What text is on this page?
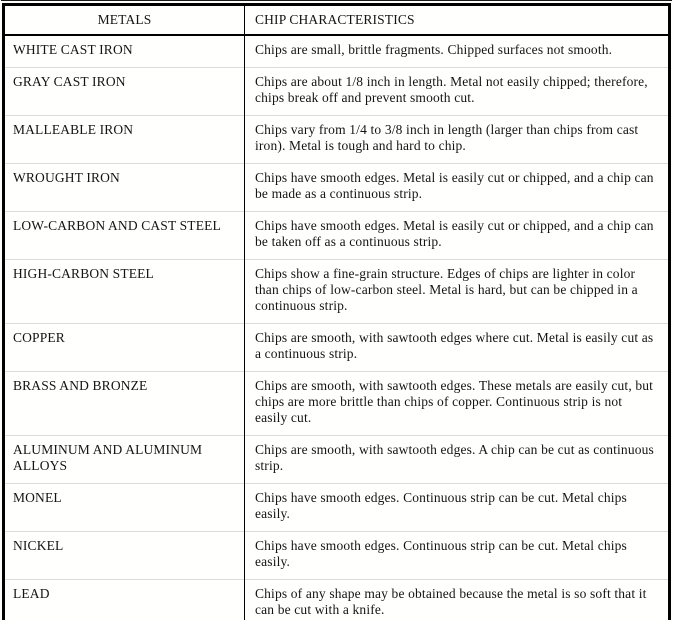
METALS	CHIP CHARACTERISTICS
WHITE CAST IRON	Chips are small, brittle fragments. Chipped surfaces not smooth.
GRAY CAST IRON	Chips are about 1/8 inch in length. Metal not easily chipped; therefore, chips break off and prevent smooth cut.
MALLEABLE IRON	Chips vary from 1/4 to 3/8 inch in length (larger than chips from cast iron). Metal is tough and hard to chip.
WROUGHT IRON	Chips have smooth edges. Metal is easily cut or chipped, and a chip can be made as a continuous strip.
LOW-CARBON AND CAST STEEL	Chips have smooth edges. Metal is easily cut or chipped, and a chip can be taken off as a continuous strip.
HIGH-CARBON STEEL	Chips show a fine-grain structure. Edges of chips are lighter in color than chips of low-carbon steel. Metal is hard, but can be chipped in a continuous strip.
COPPER	Chips are smooth, with sawtooth edges where cut. Metal is easily cut as a continuous strip.
BRASS AND BRONZE	Chips are smooth, with sawtooth edges. These metals are easily cut, but chips are more brittle than chips of copper. Continuous strip is not easily cut.
ALUMINUM AND ALUMINUM ALLOYS	Chips are smooth, with sawtooth edges. A chip can be cut as continuous strip.
MONEL	Chips have smooth edges. Continuous strip can be cut. Metal chips easily.
NICKEL	Chips have smooth edges. Continuous strip can be cut. Metal chips easily.
LEAD	Chips of any shape may be obtained because the metal is so soft that it can be cut with a knife.
